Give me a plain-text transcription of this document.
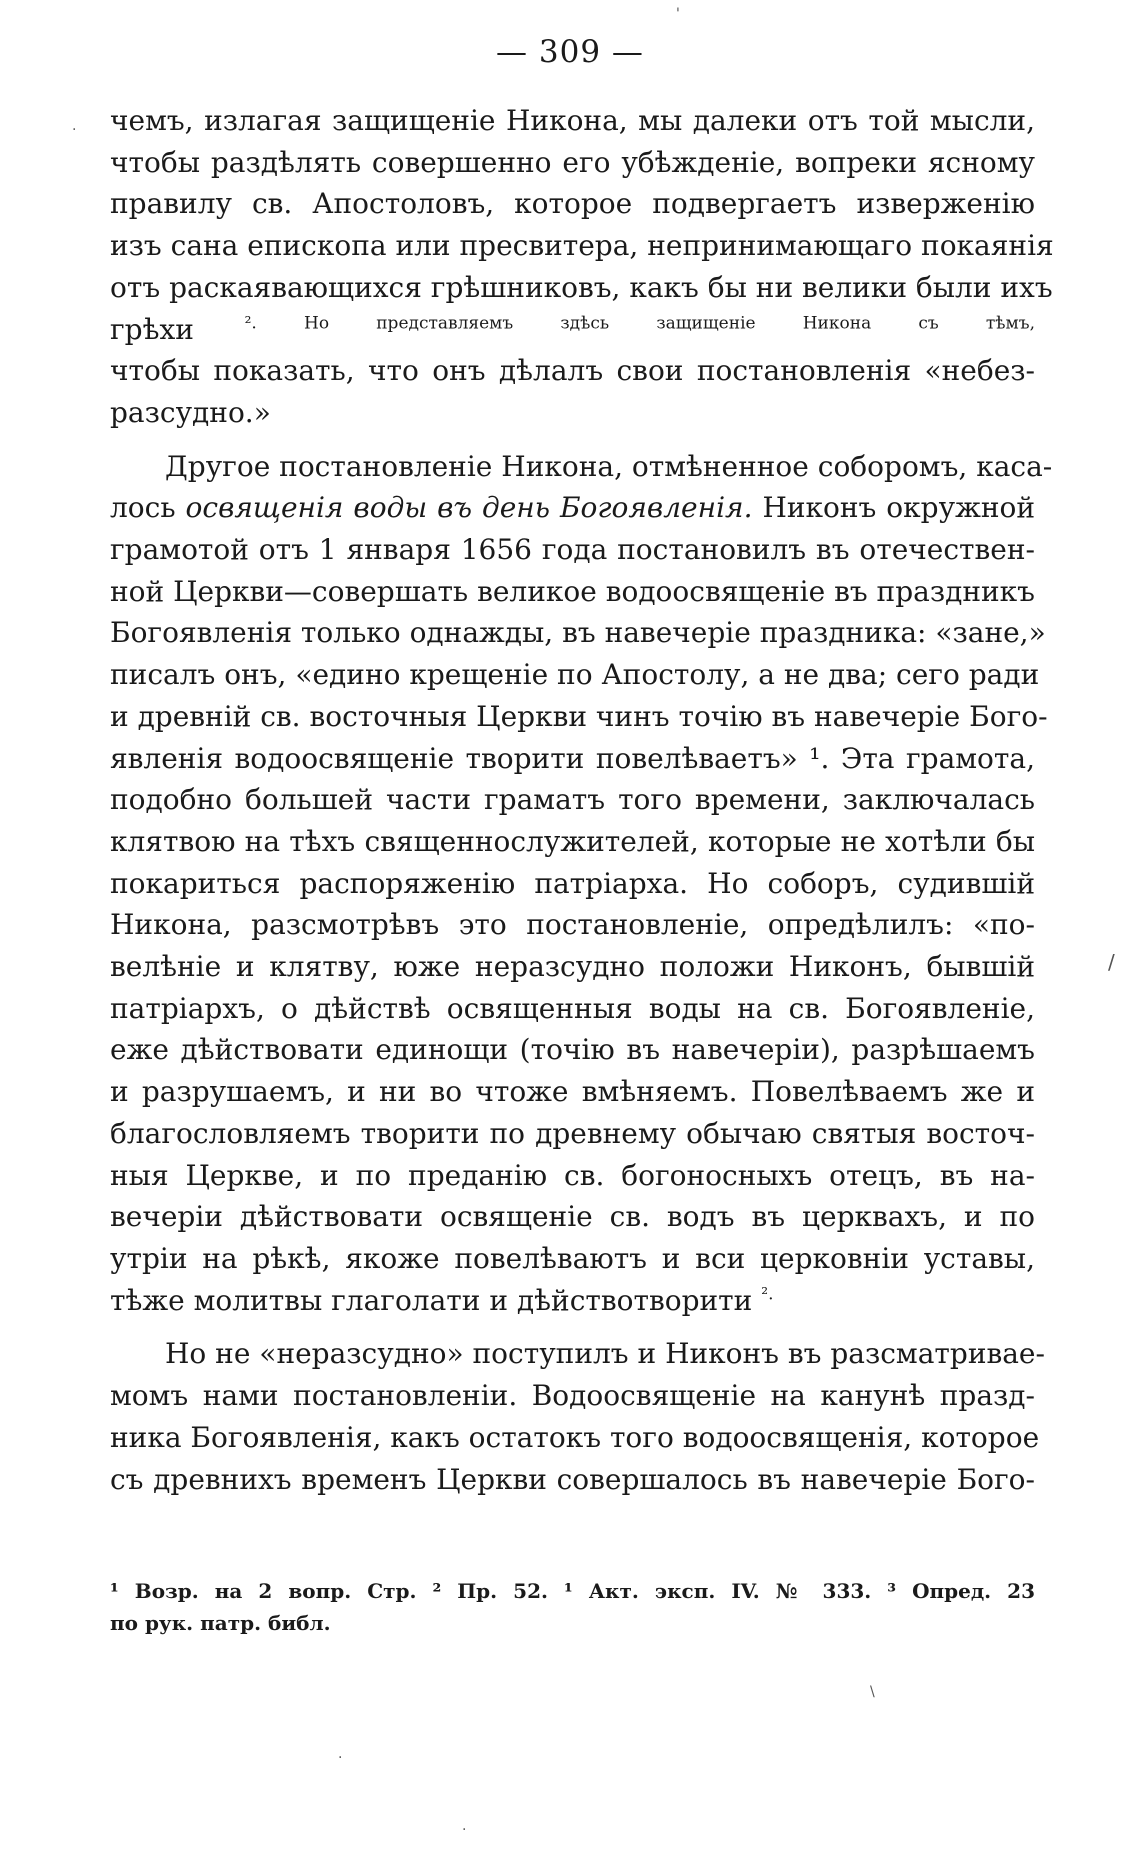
— 309 —
чемъ, излагая защищеніе Никона, мы далеки отъ той мысли,
чтобы раздѣлять совершенно его убѣжденіе, вопреки ясному
правилу св. Апостоловъ, которое подвергаетъ изверженію
изъ сана епископа или пресвитера, непринимающаго покаянія
отъ раскаявающихся грѣшниковъ, какъ бы ни велики были ихъ
грѣхи	$^{^2. Но представляемъ здѣсь защищеніе Никона съ тѣмъ,}$
чтобы показать, что онъ дѣлалъ свои постановленія «небез-
разсудно.»
Другое постановленіе Никона, отмѣненное соборомъ, каса-
лось освященія воды въ день Богоявленія. Никонъ окружной
грамотой отъ 1 января 1656 года постановилъ въ отечествен-
ной Церкви—совершать великое водоосвященіе въ праздникъ
Богоявленія только однажды, въ навечеріе праздника: «зане,»
писалъ онъ, «едино крещеніе по Апостолу, а не два; сего ради
и древній св. восточныя Церкви чинъ точію въ навечеріе Бого-
явленія водоосвященіе творити повелѣваетъ» ¹. Эта грамота,
подобно большей части граматъ того времени, заключалась
клятвою на тѣхъ священнослужителей, которые не хотѣли бы
покариться распоряженію патріарха. Но соборъ, судившій
Никона, разсмотрѣвъ это постановленіе, опредѣлилъ: «по-
велѣніе и клятву, юже неразсудно положи Никонъ, бывшій
патріархъ, о дѣйствѣ освященныя воды на св. Богоявленіе,
еже дѣйствовати единощи (точію въ навечеріи), разрѣшаемъ
и разрушаемъ, и ни во чтоже вмѣняемъ. Повелѣваемъ же и
благословляемъ творити по древнему обычаю святыя восточ-
ныя Церкве, и по преданію св. богоносныхъ отецъ, въ на-
вечеріи дѣйствовати освященіе св. водъ въ церквахъ, и по
утріи на рѣкѣ, якоже повелѣваютъ и вси церковніи уставы,
тѣже молитвы глаголати и дѣйствотворити $^{^2.}$
Но не «неразсудно» поступилъ и Никонъ въ разсматривае-
момъ нами постановленіи. Водоосвященіе на канунѣ празд-
ника Богоявленія, какъ остатокъ того водоосвященія, которое
съ древнихъ временъ Церкви совершалось въ навечеріе Бого-
¹ Возр. на 2 вопр. Стр. ² Пр. 52. ¹ Акт. эксп. IV. № 333. ³ Опред. 23
по рук. патр. библ.
'
·
/
\
·
·
